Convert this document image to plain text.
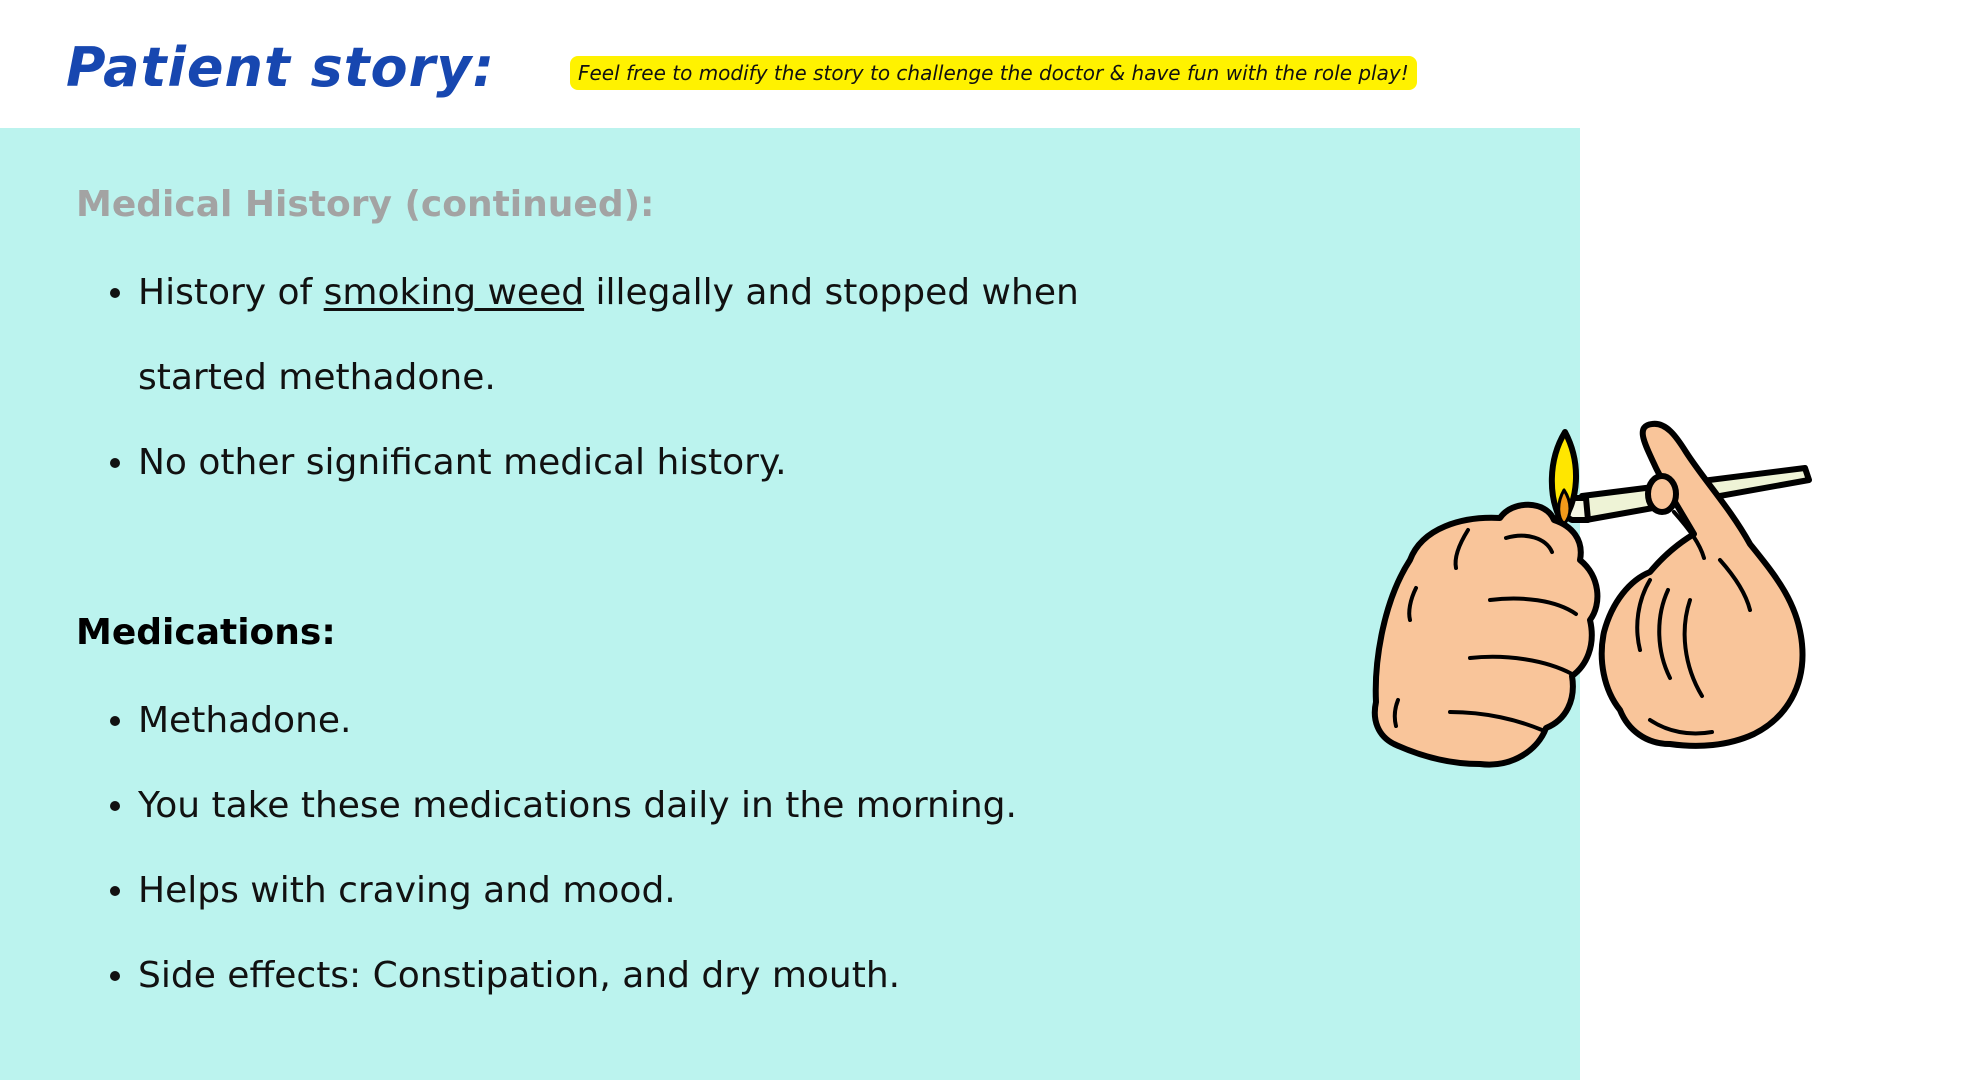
Patient story:	Feel free to modify the story to challenge the doctor & have fun with the role play!
Medical History (continued):
History of smoking weed illegally and stopped when started methadone.
No other significant medical history.
Medications:
Methadone.
You take these medications daily in the morning.
Helps with craving and mood.
Side effects: Constipation, and dry mouth.
